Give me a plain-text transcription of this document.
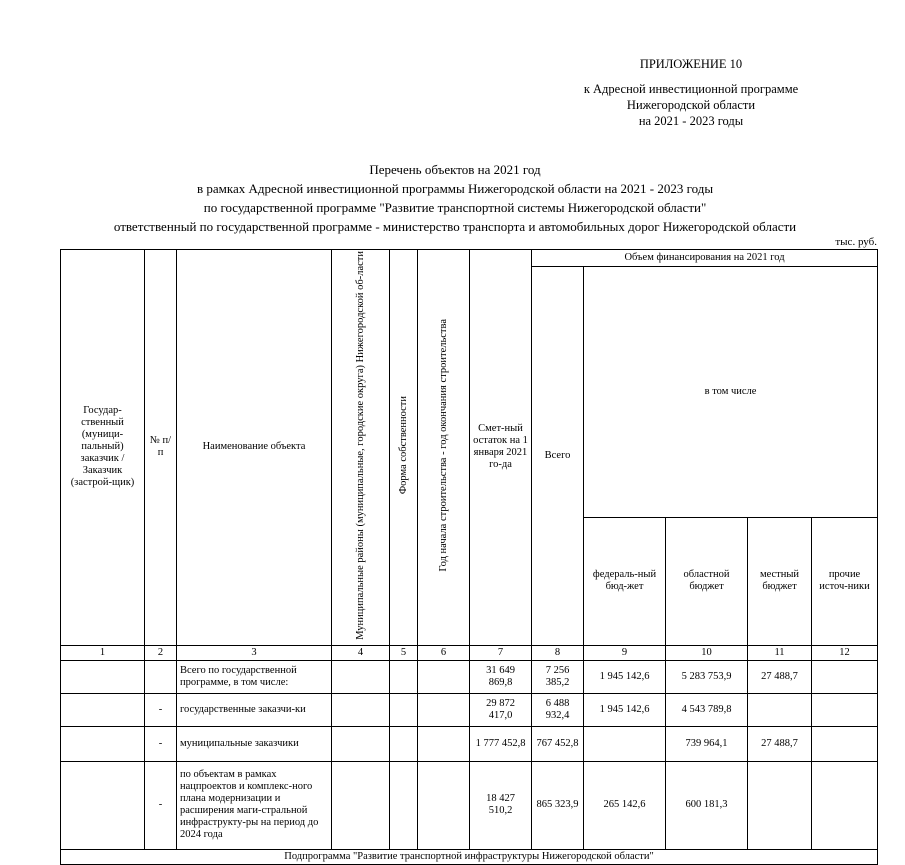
ПРИЛОЖЕНИЕ 10
к Адресной инвестиционной программе
Нижегородской области
на 2021 - 2023 годы
Перечень объектов на 2021 год
в рамках Адресной инвестиционной программы Нижегородской области на 2021 - 2023 годы
по государственной программе "Развитие транспортной системы Нижегородской области"
ответственный по государственной программе - министерство транспорта и автомобильных дорог Нижегородской области
тыс. руб.
Государ-ственный (муници-пальный) заказчик / Заказчик (застрой-щик)	№ п/п	Наименование объекта	Муниципальные районы (муниципальные, городские округа) Нижегородской об-ласти	Форма собственности	Год начала строительства - год окончания строительства	Смет-ный остаток на 1 января 2021 го-да	Объем финансирования на 2021 год				
							Всего	в том числе			
								федераль-ный бюд-жет	областной бюджет	местный бюджет	прочие источ-ники
1	2	3	4	5	6	7	8	9	10	11	12
		Всего по государственной программе, в том числе:				31 649 869,8	7 256 385,2	1 945 142,6	5 283 753,9	27 488,7	
	-	государственные заказчи-ки				29 872 417,0	6 488 932,4	1 945 142,6	4 543 789,8		
	-	муниципальные заказчики				1 777 452,8	767 452,8		739 964,1	27 488,7	
	-	по объектам в рамках нацпроектов и комплекс-ного плана модернизации и расширения маги-стральной инфраструкту-ры на период до 2024 года				18 427 510,2	865 323,9	265 142,6	600 181,3		
Подпрограмма "Развитие транспортной инфраструктуры Нижегородской области"											
